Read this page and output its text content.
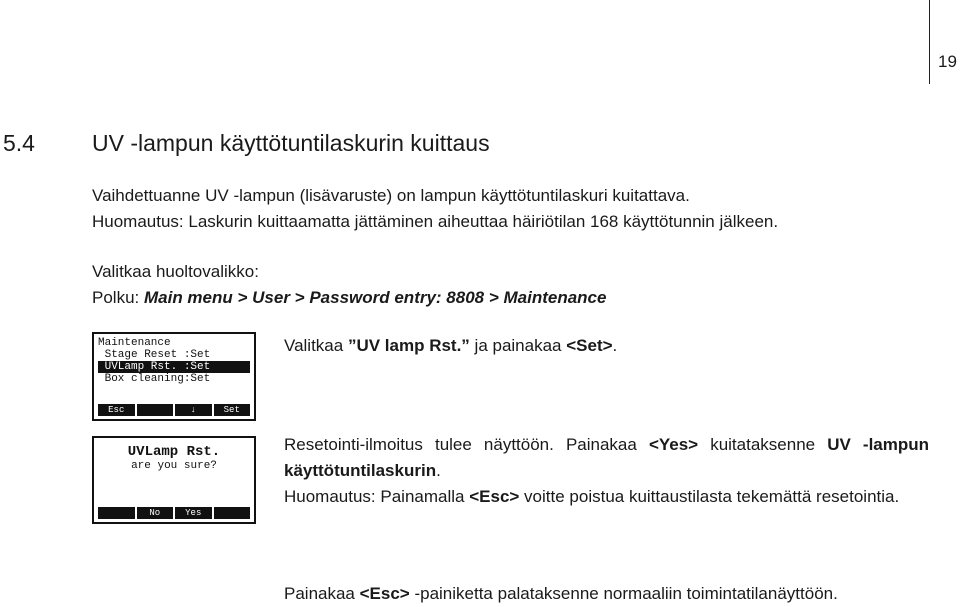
19
5.4 UV -lampun käyttötuntilaskurin kuittaus
Vaihdettuanne UV -lampun (lisävaruste) on lampun käyttötuntilaskuri kuitattava.
Huomautus: Laskurin kuittaamatta jättäminen aiheuttaa häiriötilan 168 käyttötunnin jälkeen.
Valitkaa huoltovalikko:
Polku: Main menu > User > Password entry: 8808 > Maintenance
Maintenance
Stage Reset :Set
UVLamp Rst. :Set
Box cleaning:Set
Esc	↓	Set
Valitkaa ”UV lamp Rst.” ja painakaa <Set>.
UVLamp Rst.
are you sure?
No	Yes
Resetointi-ilmoitus tulee näyttöön. Painakaa <Yes> kuitataksenne UV -lampun käyttötuntilaskurin.
Huomautus: Painamalla <Esc> voitte poistua kuittaustilasta tekemättä resetointia.
Painakaa <Esc> -painiketta palataksenne normaaliin toimintatilanäyttöön.
